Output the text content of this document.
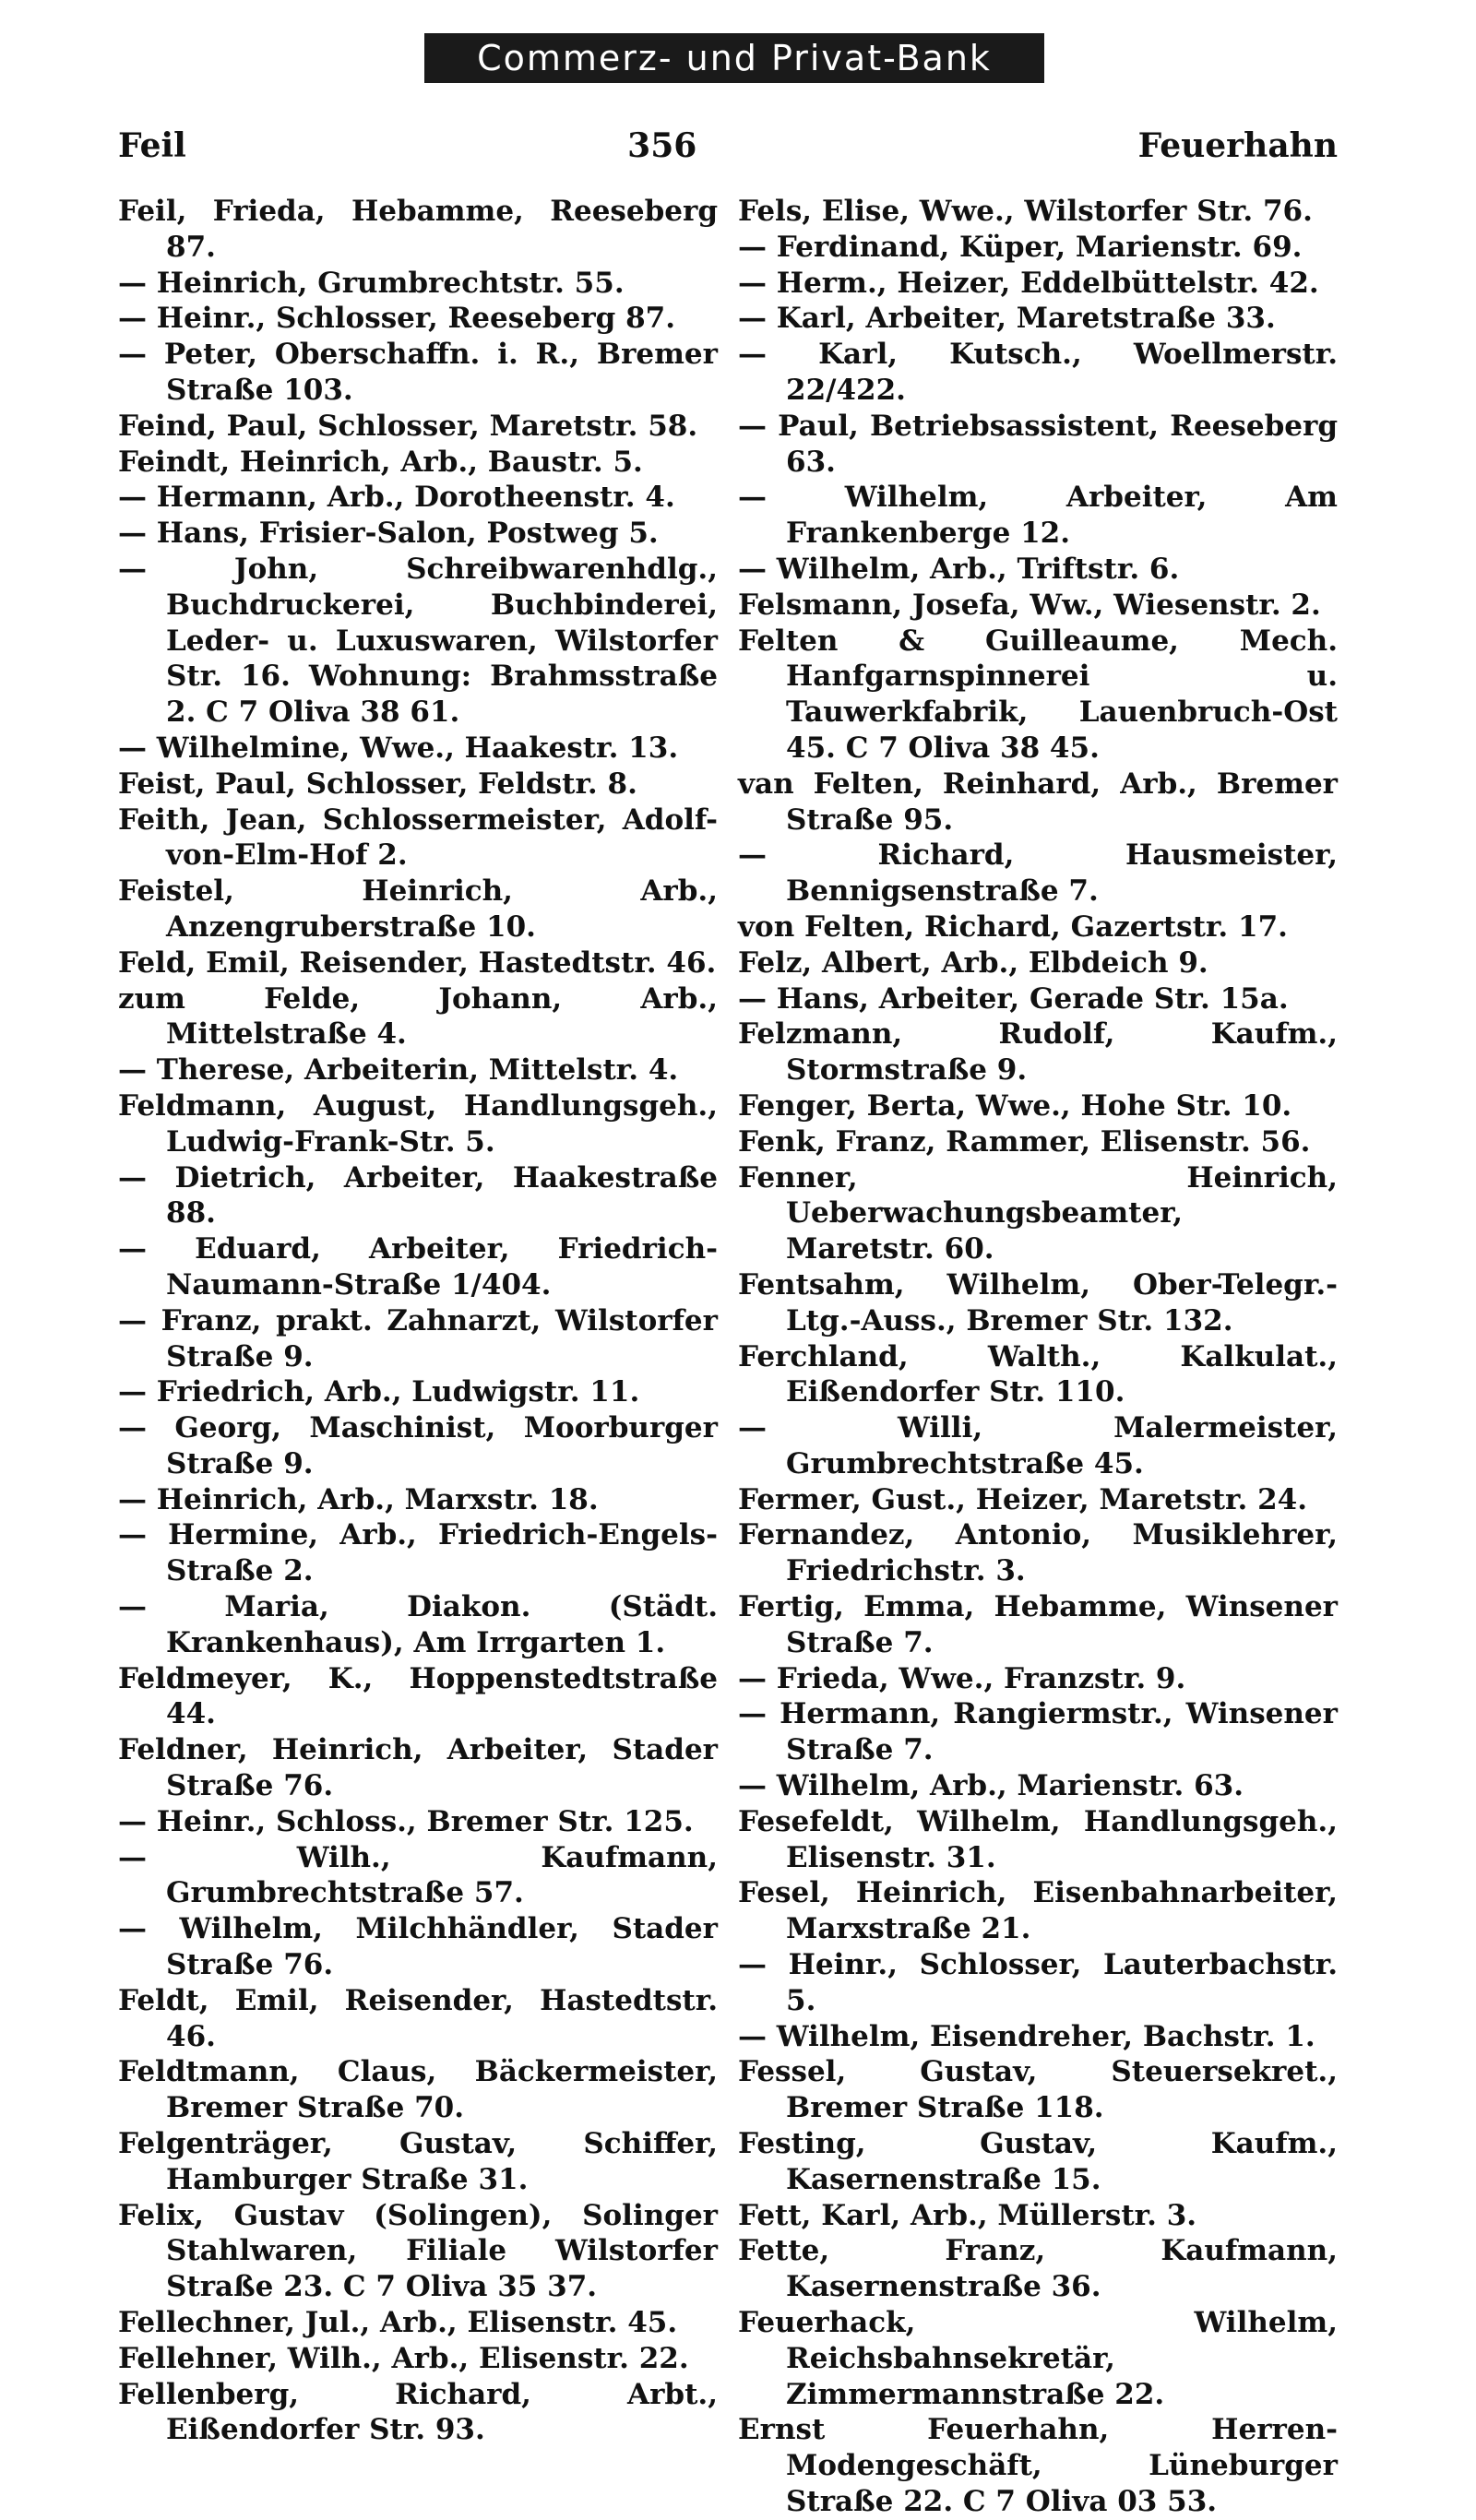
Commerz- und Privat-Bank
Feil	356	Feuerhahn
Feil, Frieda, Hebamme, Reeseberg 87.
— Heinrich, Grumbrechtstr. 55.
— Heinr., Schlosser, Reeseberg 87.
— Peter, Oberschaffn. i. R., Bremer Straße 103.
Feind, Paul, Schlosser, Maretstr. 58.
Feindt, Heinrich, Arb., Baustr. 5.
— Hermann, Arb., Dorotheenstr. 4.
— Hans, Frisier-Salon, Postweg 5.
— John, Schreibwarenhdlg., Buchdruckerei, Buchbinderei, Leder- u. Luxuswaren, Wilstorfer Str. 16. Wohnung: Brahmsstraße 2. C 7 Oliva 38 61.
— Wilhelmine, Wwe., Haakestr. 13.
Feist, Paul, Schlosser, Feldstr. 8.
Feith, Jean, Schlossermeister, Adolf-von-Elm-Hof 2.
Feistel, Heinrich, Arb., Anzengruberstraße 10.
Feld, Emil, Reisender, Hastedtstr. 46.
zum Felde, Johann, Arb., Mittelstraße 4.
— Therese, Arbeiterin, Mittelstr. 4.
Feldmann, August, Handlungsgeh., Ludwig-Frank-Str. 5.
— Dietrich, Arbeiter, Haakestraße 88.
— Eduard, Arbeiter, Friedrich-Naumann-Straße 1/404.
— Franz, prakt. Zahnarzt, Wilstorfer Straße 9.
— Friedrich, Arb., Ludwigstr. 11.
— Georg, Maschinist, Moorburger Straße 9.
— Heinrich, Arb., Marxstr. 18.
— Hermine, Arb., Friedrich-Engels-Straße 2.
— Maria, Diakon. (Städt. Krankenhaus), Am Irrgarten 1.
Feldmeyer, K., Hoppenstedtstraße 44.
Feldner, Heinrich, Arbeiter, Stader Straße 76.
— Heinr., Schloss., Bremer Str. 125.
— Wilh., Kaufmann, Grumbrechtstraße 57.
— Wilhelm, Milchhändler, Stader Straße 76.
Feldt, Emil, Reisender, Hastedtstr. 46.
Feldtmann, Claus, Bäckermeister, Bremer Straße 70.
Felgenträger, Gustav, Schiffer, Hamburger Straße 31.
Felix, Gustav (Solingen), Solinger Stahlwaren, Filiale Wilstorfer Straße 23. C 7 Oliva 35 37.
Fellechner, Jul., Arb., Elisenstr. 45.
Fellehner, Wilh., Arb., Elisenstr. 22.
Fellenberg, Richard, Arbt., Eißendorfer Str. 93.
Fels, Elise, Wwe., Wilstorfer Str. 76.
— Ferdinand, Küper, Marienstr. 69.
— Herm., Heizer, Eddelbüttelstr. 42.
— Karl, Arbeiter, Maretstraße 33.
— Karl, Kutsch., Woellmerstr. 22/422.
— Paul, Betriebsassistent, Reeseberg 63.
— Wilhelm, Arbeiter, Am Frankenberge 12.
— Wilhelm, Arb., Triftstr. 6.
Felsmann, Josefa, Ww., Wiesenstr. 2.
Felten & Guilleaume, Mech. Hanfgarnspinnerei u. Tauwerkfabrik, Lauenbruch-Ost 45. C 7 Oliva 38 45.
van Felten, Reinhard, Arb., Bremer Straße 95.
— Richard, Hausmeister, Bennigsenstraße 7.
von Felten, Richard, Gazertstr. 17.
Felz, Albert, Arb., Elbdeich 9.
— Hans, Arbeiter, Gerade Str. 15a.
Felzmann, Rudolf, Kaufm., Stormstraße 9.
Fenger, Berta, Wwe., Hohe Str. 10.
Fenk, Franz, Rammer, Elisenstr. 56.
Fenner, Heinrich, Ueberwachungsbeamter, Maretstr. 60.
Fentsahm, Wilhelm, Ober-Telegr.-Ltg.-Auss., Bremer Str. 132.
Ferchland, Walth., Kalkulat., Eißendorfer Str. 110.
— Willi, Malermeister, Grumbrechtstraße 45.
Fermer, Gust., Heizer, Maretstr. 24.
Fernandez, Antonio, Musiklehrer, Friedrichstr. 3.
Fertig, Emma, Hebamme, Winsener Straße 7.
— Frieda, Wwe., Franzstr. 9.
— Hermann, Rangiermstr., Winsener Straße 7.
— Wilhelm, Arb., Marienstr. 63.
Fesefeldt, Wilhelm, Handlungsgeh., Elisenstr. 31.
Fesel, Heinrich, Eisenbahnarbeiter, Marxstraße 21.
— Heinr., Schlosser, Lauterbachstr. 5.
— Wilhelm, Eisendreher, Bachstr. 1.
Fessel, Gustav, Steuersekret., Bremer Straße 118.
Festing, Gustav, Kaufm., Kasernenstraße 15.
Fett, Karl, Arb., Müllerstr. 3.
Fette, Franz, Kaufmann, Kasernenstraße 36.
Feuerhack, Wilhelm, Reichsbahnsekretär, Zimmermannstraße 22.
Ernst Feuerhahn, Herren-Modengeschäft, Lüneburger Straße 22. C 7 Oliva 03 53.
